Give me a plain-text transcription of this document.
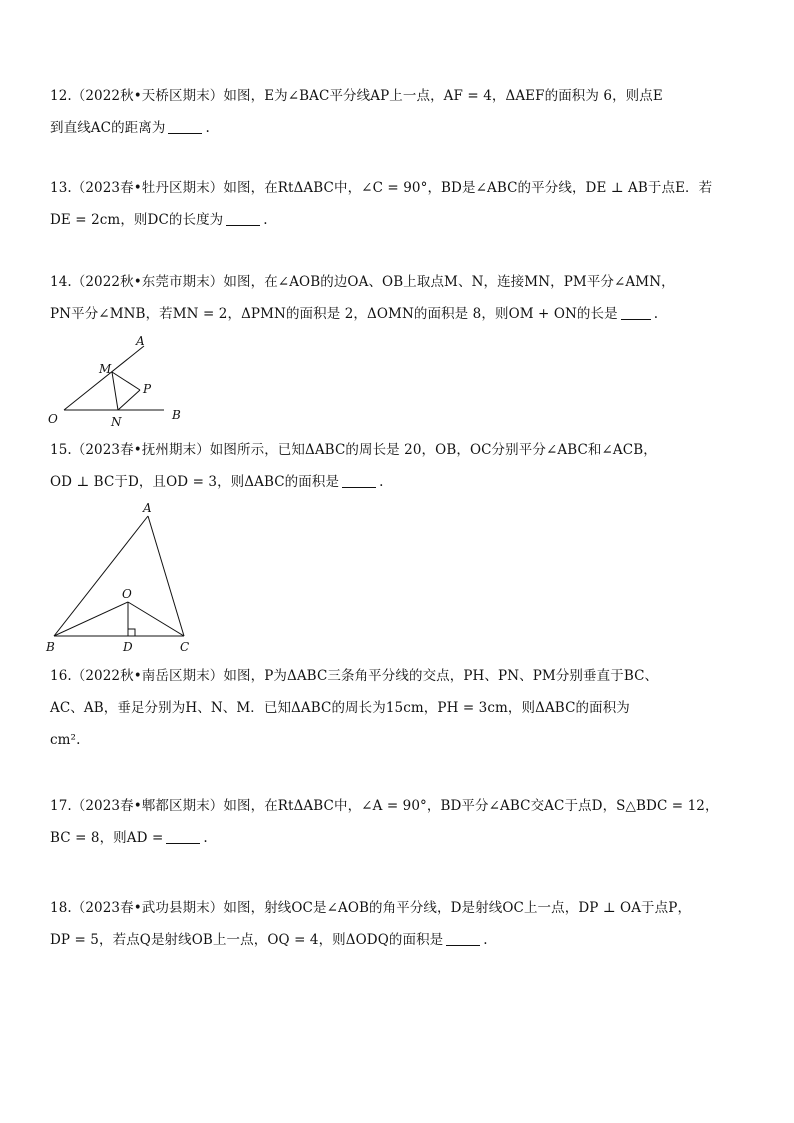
12.（2022秋•天桥区期末）如图，E为∠BAC平分线AP上一点，AF = 4，ΔAEF的面积为 6，则点E

到直线AC的距离为	.

13.（2023春•牡丹区期末）如图，在RtΔABC中，∠C = 90°，BD是∠ABC的平分线，DE ⊥ AB于点E．若

DE = 2cm，则DC的长度为	.

14.（2022秋•东莞市期末）如图，在∠AOB的边OA、OB上取点M、N，连接MN，PM平分∠AMN，

PN平分∠MNB，若MN = 2，ΔPMN的面积是 2，ΔOMN的面积是 8，则OM + ON的长是	.

A
M
P
O	N	B

15.（2023春•抚州期末）如图所示，已知ΔABC的周长是 20，OB，OC分别平分∠ABC和∠ACB，

OD ⊥ BC于D，且OD = 3，则ΔABC的面积是	.

A
O
B	D	C

16.（2022秋•南岳区期末）如图，P为ΔABC三条角平分线的交点，PH、PN、PM分别垂直于BC、

AC、AB，垂足分别为H、N、M．已知ΔABC的周长为15cm，PH = 3cm，则ΔABC的面积为

cm².

17.（2023春•郫都区期末）如图，在RtΔABC中，∠A = 90°，BD平分∠ABC交AC于点D，S△BDC = 12，

BC = 8，则AD =	.

18.（2023春•武功县期末）如图，射线OC是∠AOB的角平分线，D是射线OC上一点，DP ⊥ OA于点P，

DP = 5，若点Q是射线OB上一点，OQ = 4，则ΔODQ的面积是	.
